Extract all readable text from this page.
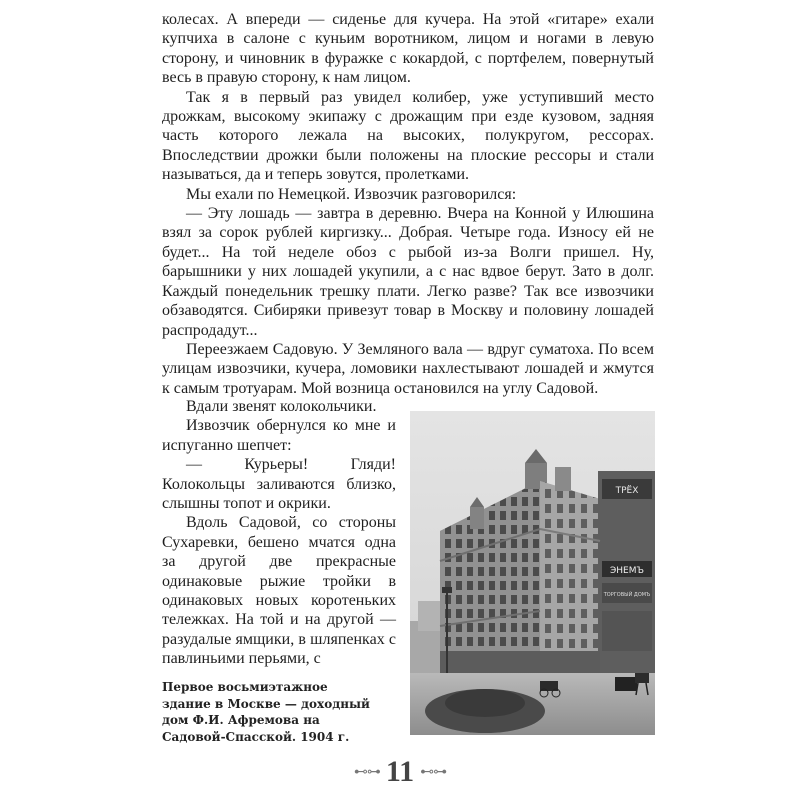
колесах. А впереди — сиденье для кучера. На этой «гитаре» ехали купчиха в салоне с куньим воротником, лицом и ногами в левую сторону, и чиновник в фуражке с кокардой, с портфелем, повернутый весь в правую сторону, к нам лицом.

Так я в первый раз увидел колибер, уже уступивший место дрожкам, высокому экипажу с дрожащим при езде кузовом, задняя часть которого лежала на высоких, полукругом, рессорах. Впоследствии дрожки были положены на плоские рессоры и стали называться, да и теперь зовутся, пролетками.

Мы ехали по Немецкой. Извозчик разговорился:

— Эту лошадь — завтра в деревню. Вчера на Конной у Илюшина взял за сорок рублей киргизку... Добрая. Четыре года. Износу ей не будет... На той неделе обоз с рыбой из-за Волги пришел. Ну, барышники у них лошадей укупили, а с нас вдвое берут. Зато в долг. Каждый понедельник трешку плати. Легко разве? Так все извозчики обзаводятся. Сибиряки привезут товар в Москву и половину лошадей распродадут...

Переезжаем Садовую. У Земляного вала — вдруг суматоха. По всем улицам извозчики, кучера, ломовики нахлестывают лошадей и жмутся к самым тротуарам. Мой возница остановился на углу Садовой.

Вдали звенят колокольчики.

Извозчик обернулся ко мне и испуганно шепчет:

— Курьеры! Гляди! Колокольцы заливаются близко, слышны топот и окрики.

Вдоль Садовой, со стороны Сухаревки, бешено мчатся одна за другой две прекрасные одинаковые рыжие тройки в одинаковых новых коротеньких тележках. На той и на другой — разудалые ямщики, в шляпенках с павлиньими перьями, с

ТРЁХ
ЭНЕМЪ
ТОРГОВЫЙ ДОМЪ
Первое восьмиэтажное здание в Москве — доходный дом Ф.И. Афремова на Садовой-Спасской. 1904 г.
⊷⊶ 11 ⊷⊶
